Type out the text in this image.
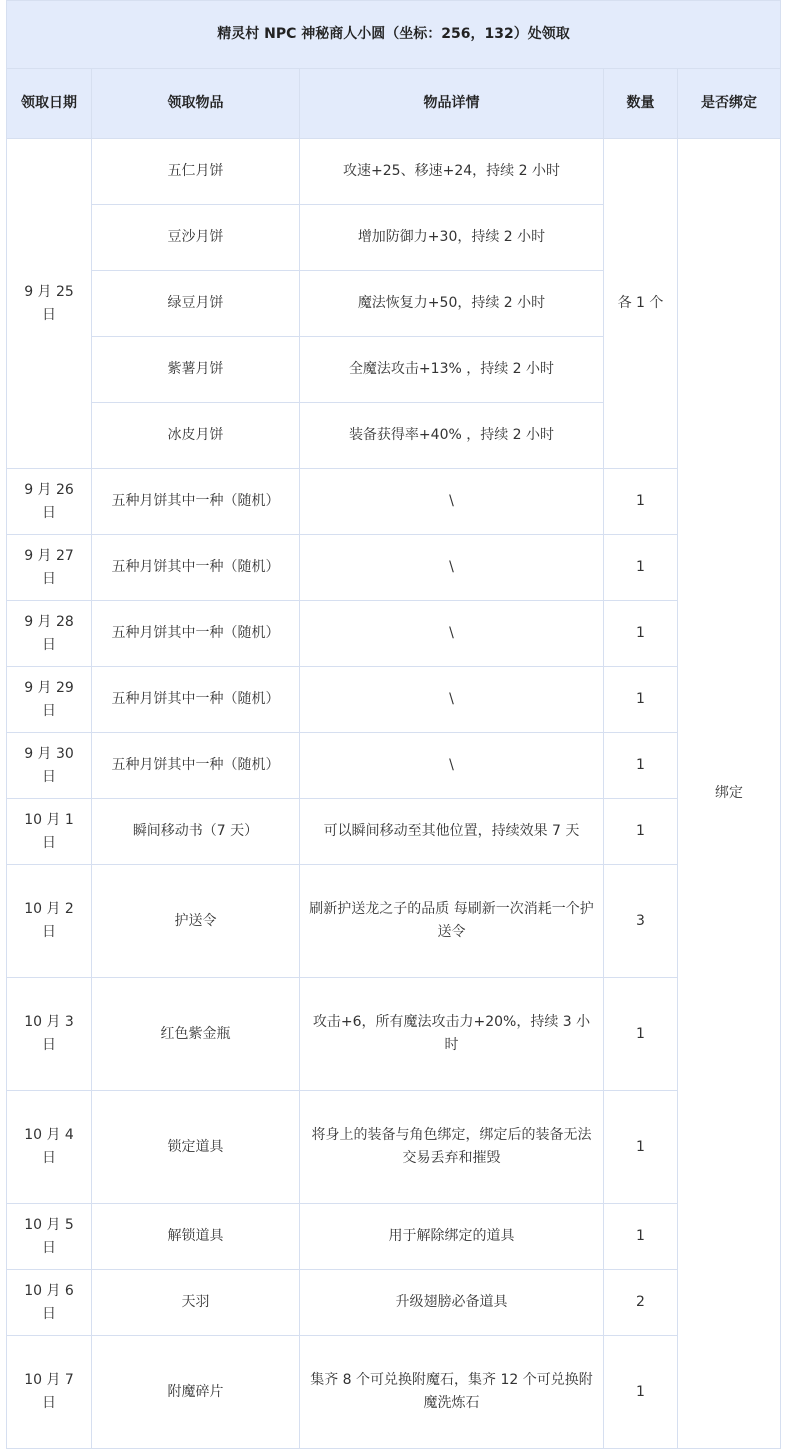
精灵村 NPC 神秘商人小圆（坐标：256，132）处领取				
领取日期	领取物品	物品详情	数量	是否绑定
9 月 25 日	五仁月饼	攻速+25、移速+24，持续 2 小时	各 1 个	绑定
	豆沙月饼	增加防御力+30，持续 2 小时		
	绿豆月饼	魔法恢复力+50，持续 2 小时		
	紫薯月饼	全魔法攻击+13% ，持续 2 小时		
	冰皮月饼	装备获得率+40% ，持续 2 小时		
9 月 26 日	五种月饼其中一种（随机）	\	1	
9 月 27 日	五种月饼其中一种（随机）	\	1	
9 月 28 日	五种月饼其中一种（随机）	\	1	
9 月 29 日	五种月饼其中一种（随机）	\	1	
9 月 30 日	五种月饼其中一种（随机）	\	1	
10 月 1 日	瞬间移动书（7 天）	可以瞬间移动至其他位置，持续效果 7 天	1	
10 月 2 日	护送令	刷新护送龙之子的品质 每刷新一次消耗一个护送令	3	
10 月 3 日	红色紫金瓶	攻击+6，所有魔法攻击力+20%，持续 3 小时	1	
10 月 4 日	锁定道具	将身上的装备与角色绑定，绑定后的装备无法交易丢弃和摧毁	1	
10 月 5 日	解锁道具	用于解除绑定的道具	1	
10 月 6 日	天羽	升级翅膀必备道具	2	
10 月 7 日	附魔碎片	集齐 8 个可兑换附魔石，集齐 12 个可兑换附魔洗炼石	1	
